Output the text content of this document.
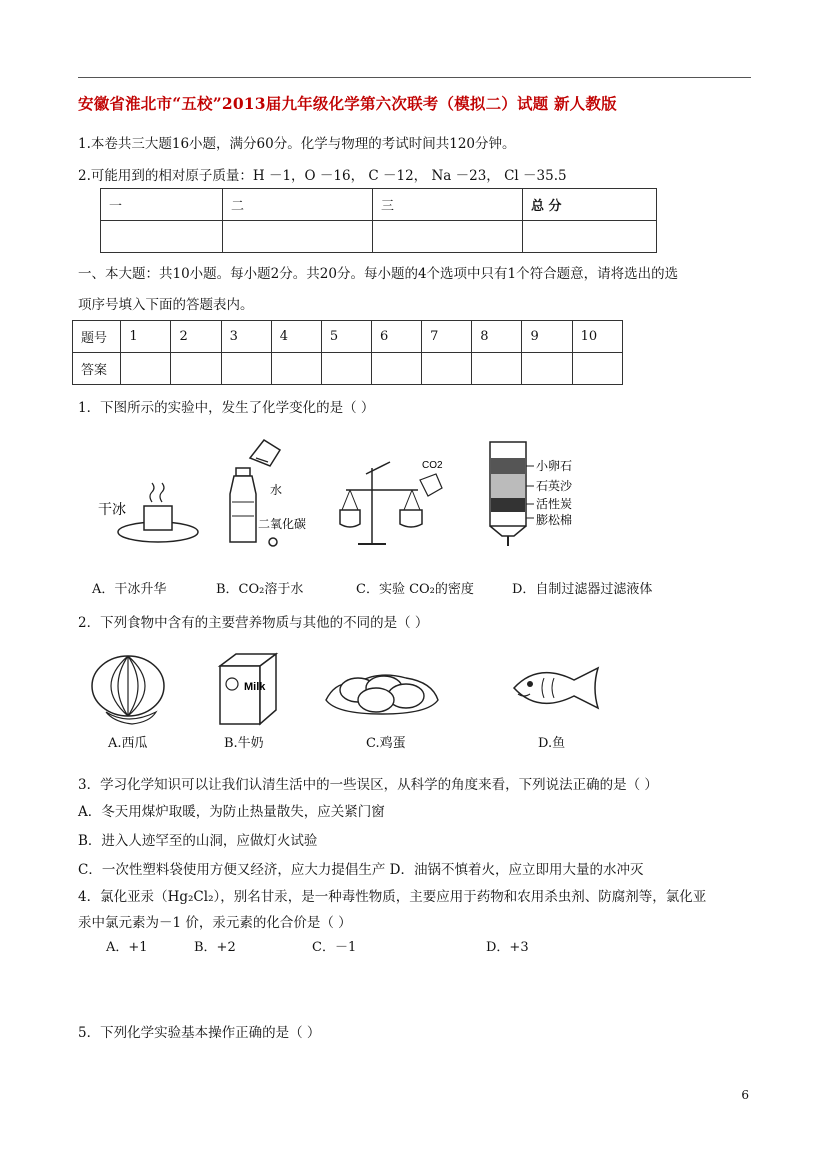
安徽省淮北市“五校”2013届九年级化学第六次联考（模拟二）试题 新人教版
1.本卷共三大题16小题，满分60分。化学与物理的考试时间共120分钟。
2.可能用到的相对原子质量：H －1，O －16， C －12， Na －23， Cl －35.5
一	二	三	总 分

一、本大题：共10小题。每小题2分。共20分。每小题的4个选项中只有1个符合题意，请将选出的选
项序号填入下面的答题表内。
题号	1	2	3	4	5	6	7	8	9	10
答案										
1．下图所示的实验中，发生了化学变化的是（ ）
干冰
水
二氧化碳
CO2	小卵石
石英沙
活性炭
膨松棉
A．干冰升华	B．CO₂溶于水	C．实验 CO₂的密度	D．自制过滤器过滤液体
2．下列食物中含有的主要营养物质与其他的不同的是（ ）
Milk
A.西瓜	B.牛奶	C.鸡蛋	D.鱼
3．学习化学知识可以让我们认清生活中的一些误区，从科学的角度来看，下列说法正确的是（ ）
A．冬天用煤炉取暖，为防止热量散失，应关紧门窗
B．进入人迹罕至的山洞，应做灯火试验
C．一次性塑料袋使用方便又经济，应大力提倡生产 D．油锅不慎着火，应立即用大量的水冲灭
4．氯化亚汞（Hg₂Cl₂），别名甘汞，是一种毒性物质，主要应用于药物和农用杀虫剂、防腐剂等，氯化亚
汞中氯元素为－1 价，汞元素的化合价是（ ）
A．+1	B．+2	C．－1	D．+3
5．下列化学实验基本操作正确的是（ ）
6
